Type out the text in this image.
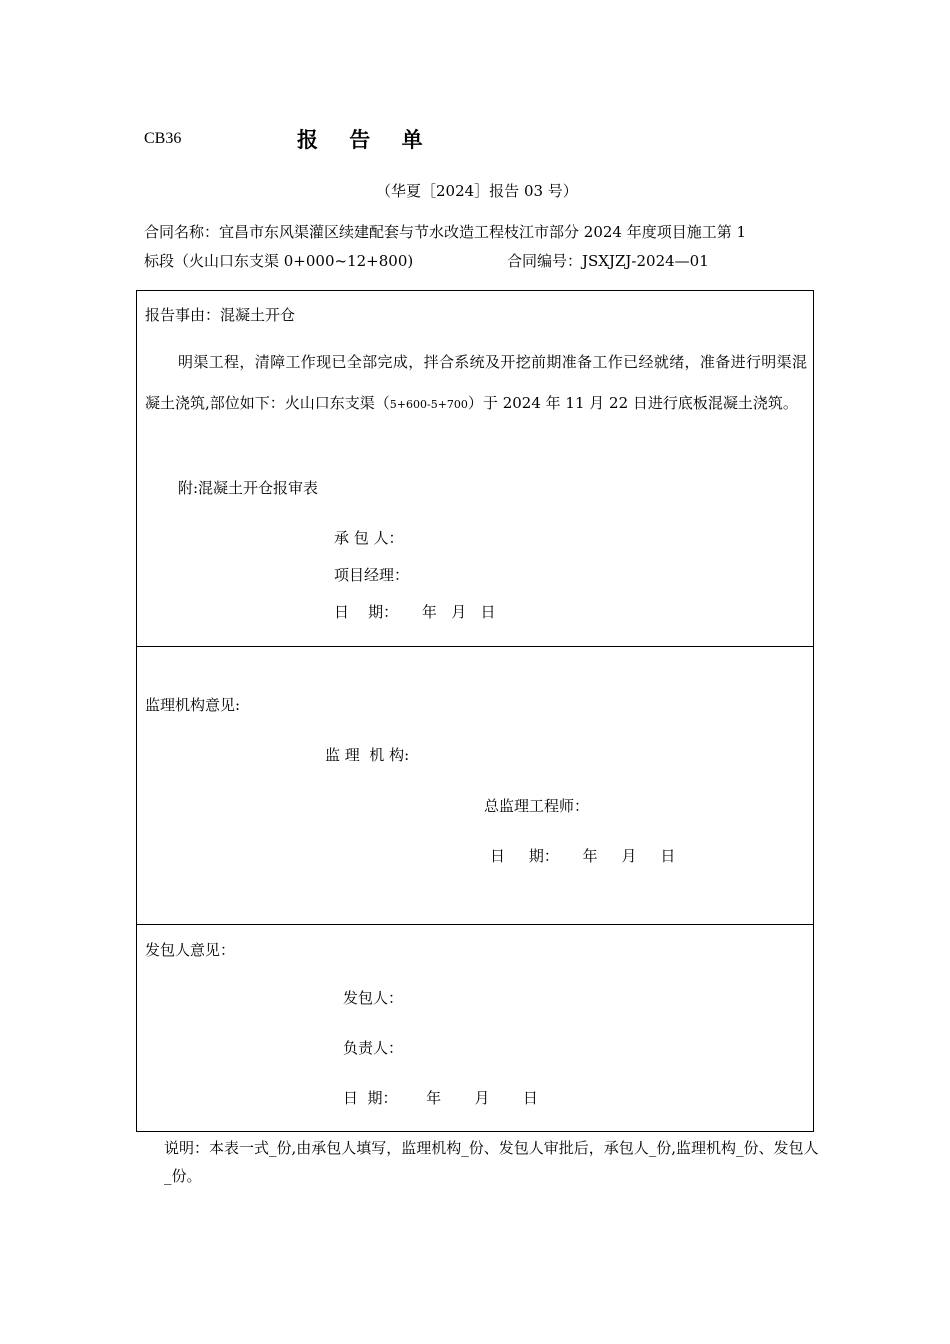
CB36	报 告 单
（华夏［2024］报告 03 号）
合同名称：宜昌市东风渠灌区续建配套与节水改造工程枝江市部分 2024 年度项目施工第 1
标段（火山口东支渠 0+000~12+800)	合同编号：JSXJZJ-2024—01
报告事由：混凝土开仓
明渠工程，清障工作现已全部完成，拌合系统及开挖前期准备工作已经就绪，准备进行明渠混凝土浇筑,部位如下：火山口东支渠（5+600-5+700）于 2024 年 11 月 22 日进行底板混凝土浇筑。
附:混凝土开仓报审表
承 包 人：
项目经理：
日    期：     年   月   日
监理机构意见:
监 理  机 构:
总监理工程师：
日     期：     年     月     日
发包人意见：
发包人：
负责人：
日  期：      年       月       日
说明：本表一式_份,由承包人填写，监理机构_份、发包人审批后，承包人_份,监理机构_份、发包人_份。
